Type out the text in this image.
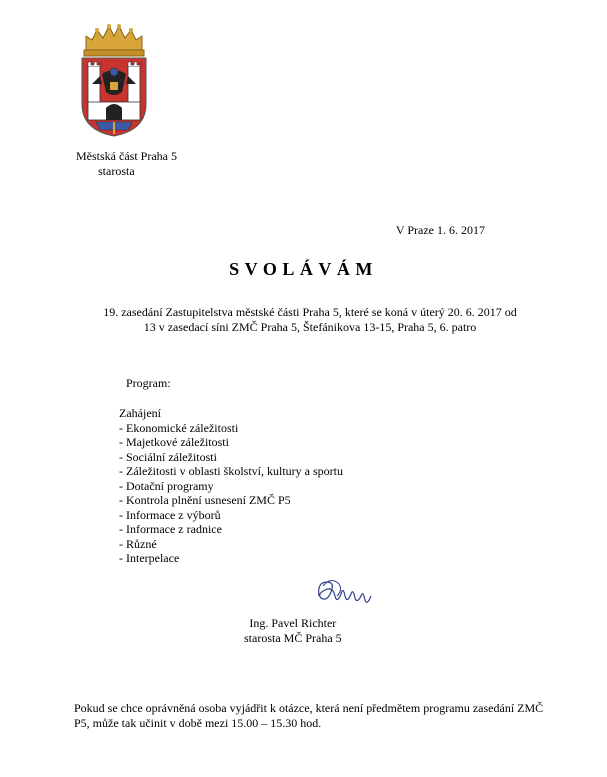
Městská část Praha 5
starosta
V Praze 1. 6. 2017
SVOLÁVÁM
19. zasedání Zastupitelstva městské části Praha 5, které se koná v úterý 20. 6. 2017 od 13 v zasedací síni ZMČ Praha 5, Štefánikova 13-15, Praha 5, 6. patro
Program:
Zahájení
- Ekonomické záležitosti
- Majetkové záležitosti
- Sociální záležitosti
- Záležitosti v oblasti školství, kultury a sportu
- Dotační programy
- Kontrola plnění usnesení ZMČ P5
- Informace z výborů
- Informace z radnice
- Různé
- Interpelace
Ing. Pavel Richter
starosta MČ Praha 5
Pokud se chce oprávněná osoba vyjádřit k otázce, která není předmětem programu zasedání ZMČ P5, může tak učinit v době mezi 15.00 – 15.30 hod.
